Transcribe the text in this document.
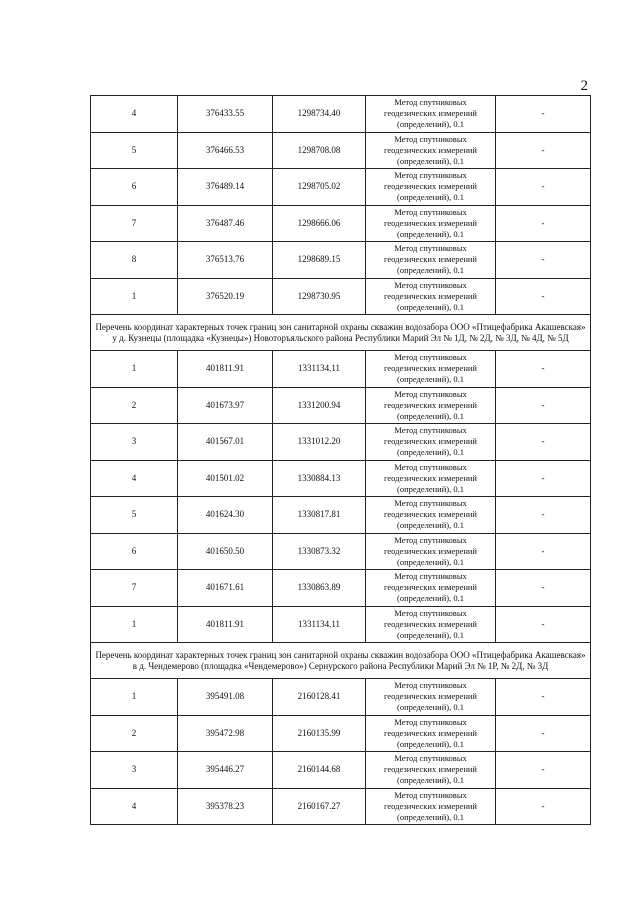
2
4	376433.55	1298734.40	Метод спутниковых
геодезических измерений
(определений), 0.1	-
5	376466.53	1298708.08	Метод спутниковых
геодезических измерений
(определений), 0.1	-
6	376489.14	1298705.02	Метод спутниковых
геодезических измерений
(определений), 0.1	-
7	376487.46	1298666.06	Метод спутниковых
геодезических измерений
(определений), 0.1	-
8	376513.76	1298689.15	Метод спутниковых
геодезических измерений
(определений), 0.1	-
1	376520.19	1298730.95	Метод спутниковых
геодезических измерений
(определений), 0.1	-
Перечень координат характерных точек границ зон санитарной охраны скважин водозабора ООО «Птицефабрика Акашевская» у д. Кузнецы (площадка «Кузнецы») Новоторъяльского района Республики Марий Эл № 1Д, № 2Д, № 3Д, № 4Д, № 5Д				
1	401811.91	1331134.11	Метод спутниковых
геодезических измерений
(определений), 0.1	-
2	401673.97	1331200.94	Метод спутниковых
геодезических измерений
(определений), 0.1	-
3	401567.01	1331012.20	Метод спутниковых
геодезических измерений
(определений), 0.1	-
4	401501.02	1330884.13	Метод спутниковых
геодезических измерений
(определений), 0.1	-
5	401624.30	1330817.81	Метод спутниковых
геодезических измерений
(определений), 0.1	-
6	401650.50	1330873.32	Метод спутниковых
геодезических измерений
(определений), 0.1	-
7	401671.61	1330863.89	Метод спутниковых
геодезических измерений
(определений), 0.1	-
1	401811.91	1331134.11	Метод спутниковых
геодезических измерений
(определений), 0.1	-
Перечень координат характерных точек границ зон санитарной охраны скважин водозабора ООО «Птицефабрика Акашевская» в д. Чендемерово (площадка «Чендемерово») Сернурского района Республики Марий Эл № 1Р, № 2Д, № 3Д				
1	395491.08	2160128.41	Метод спутниковых
геодезических измерений
(определений), 0.1	-
2	395472.98	2160135.99	Метод спутниковых
геодезических измерений
(определений), 0.1	-
3	395446.27	2160144.68	Метод спутниковых
геодезических измерений
(определений), 0.1	-
4	395378.23	2160167.27	Метод спутниковых
геодезических измерений
(определений), 0.1	-
